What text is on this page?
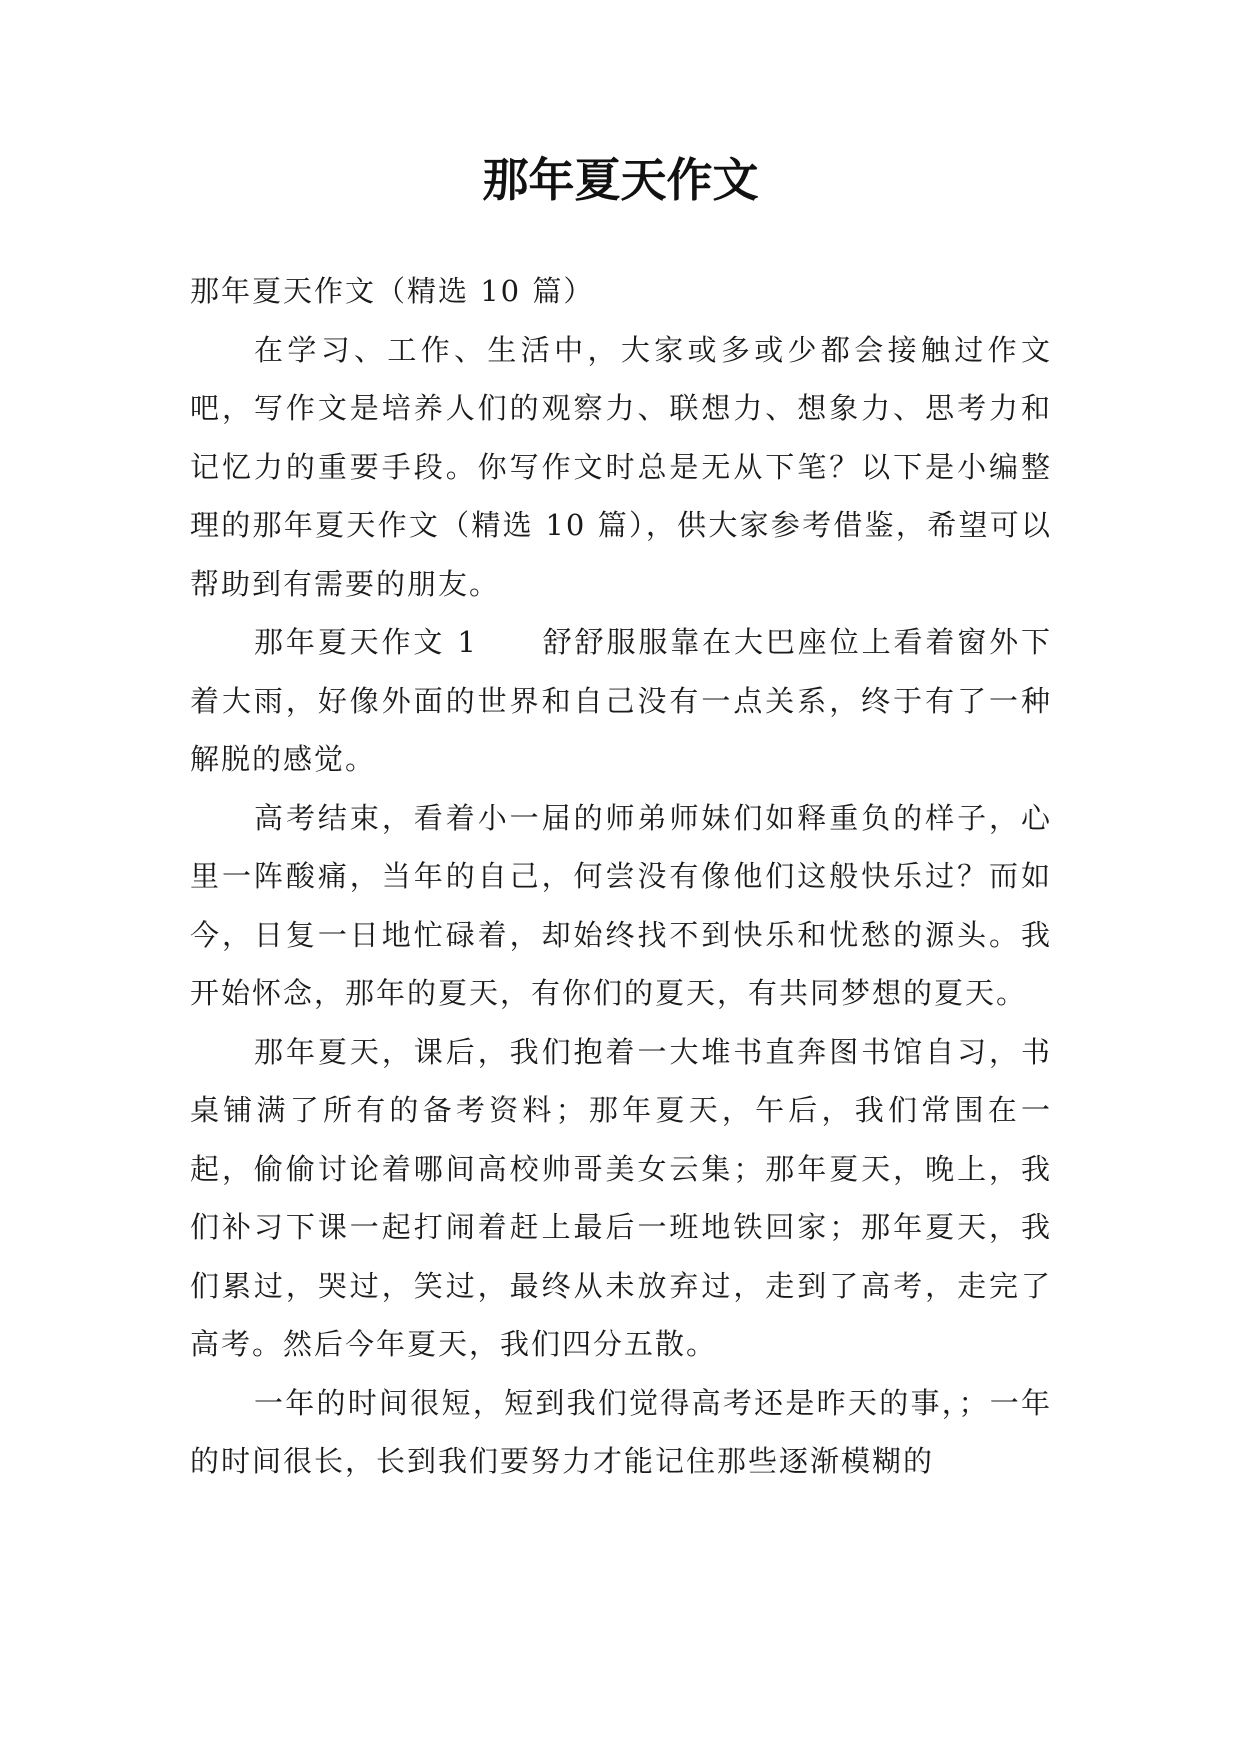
那年夏天作文

那年夏天作文（精选 10 篇）

在学习、工作、生活中，大家或多或少都会接触过作文吧，写作文是培养人们的观察力、联想力、想象力、思考力和记忆力的重要手段。你写作文时总是无从下笔？以下是小编整理的那年夏天作文（精选 10 篇），供大家参考借鉴，希望可以帮助到有需要的朋友。

那年夏天作文 1 舒舒服服靠在大巴座位上看着窗外下着大雨，好像外面的世界和自己没有一点关系，终于有了一种解脱的感觉。

高考结束，看着小一届的师弟师妹们如释重负的样子，心里一阵酸痛，当年的自己，何尝没有像他们这般快乐过？而如今，日复一日地忙碌着，却始终找不到快乐和忧愁的源头。我开始怀念，那年的夏天，有你们的夏天，有共同梦想的夏天。

那年夏天，课后，我们抱着一大堆书直奔图书馆自习，书桌铺满了所有的备考资料；那年夏天，午后，我们常围在一起，偷偷讨论着哪间高校帅哥美女云集；那年夏天，晚上，我们补习下课一起打闹着赶上最后一班地铁回家；那年夏天，我们累过，哭过，笑过，最终从未放弃过，走到了高考，走完了高考。然后今年夏天，我们四分五散。

一年的时间很短，短到我们觉得高考还是昨天的事，；一年的时间很长，长到我们要努力才能记住那些逐渐模糊的
